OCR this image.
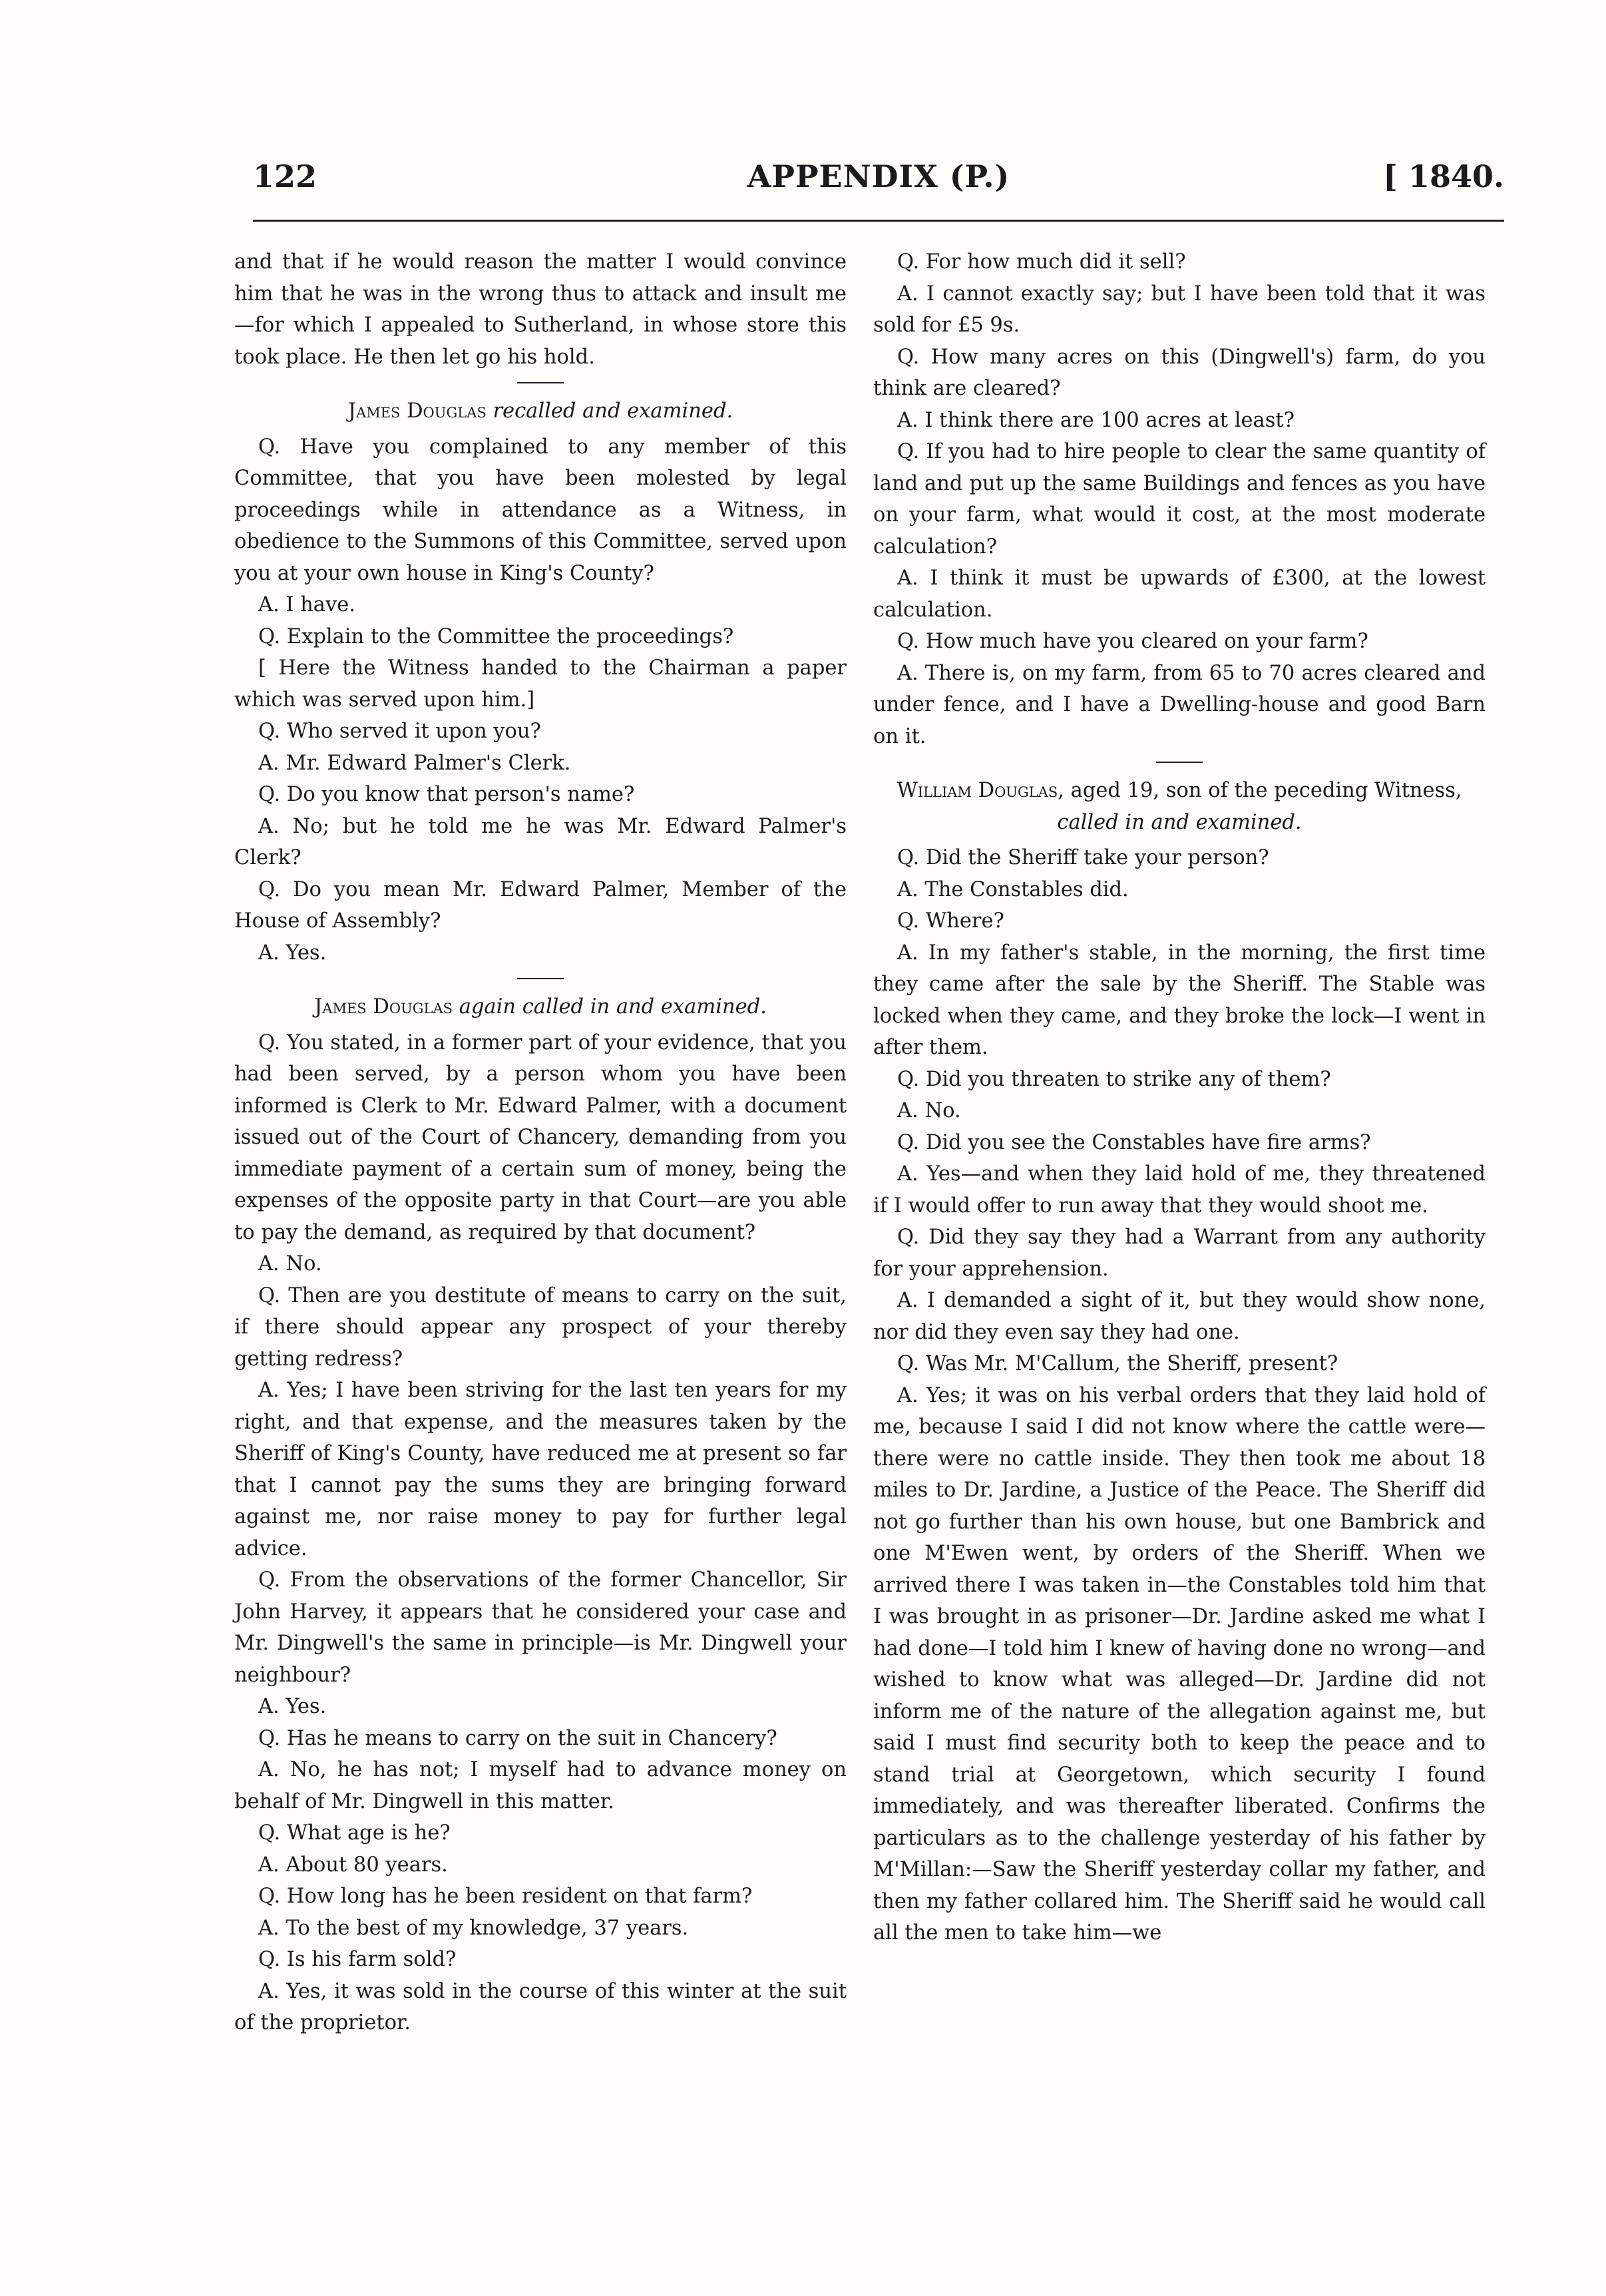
122	APPENDIX (P.)	[ 1840.

and that if he would reason the matter I would convince him that he was in the wrong thus to attack and insult me—for which I appealed to Sutherland, in whose store this took place. He then let go his hold.

James Douglas recalled and examined.

Q. Have you complained to any member of this Committee, that you have been molested by legal proceedings while in attendance as a Witness, in obedience to the Summons of this Committee, served upon you at your own house in King's County?

A. I have.

Q. Explain to the Committee the proceedings?

[ Here the Witness handed to the Chairman a paper which was served upon him.]

Q. Who served it upon you?

A. Mr. Edward Palmer's Clerk.

Q. Do you know that person's name?

A. No; but he told me he was Mr. Edward Palmer's Clerk?

Q. Do you mean Mr. Edward Palmer, Member of the House of Assembly?

A. Yes.

James Douglas again called in and examined.

Q. You stated, in a former part of your evidence, that you had been served, by a person whom you have been informed is Clerk to Mr. Edward Palmer, with a document issued out of the Court of Chancery, demanding from you immediate payment of a certain sum of money, being the expenses of the opposite party in that Court—are you able to pay the demand, as required by that document?

A. No.

Q. Then are you destitute of means to carry on the suit, if there should appear any prospect of your thereby getting redress?

A. Yes; I have been striving for the last ten years for my right, and that expense, and the measures taken by the Sheriff of King's County, have reduced me at present so far that I cannot pay the sums they are bringing forward against me, nor raise money to pay for further legal advice.

Q. From the observations of the former Chancellor, Sir John Harvey, it appears that he considered your case and Mr. Dingwell's the same in principle—is Mr. Dingwell your neighbour?

A. Yes.

Q. Has he means to carry on the suit in Chancery?

A. No, he has not; I myself had to advance money on behalf of Mr. Dingwell in this matter.

Q. What age is he?

A. About 80 years.

Q. How long has he been resident on that farm?

A. To the best of my knowledge, 37 years.

Q. Is his farm sold?

A. Yes, it was sold in the course of this winter at the suit of the proprietor.

Q. For how much did it sell?

A. I cannot exactly say; but I have been told that it was sold for £5 9s.

Q. How many acres on this (Dingwell's) farm, do you think are cleared?

A. I think there are 100 acres at least?

Q. If you had to hire people to clear the same quantity of land and put up the same Buildings and fences as you have on your farm, what would it cost, at the most moderate calculation?

A. I think it must be upwards of £300, at the lowest calculation.

Q. How much have you cleared on your farm?

A. There is, on my farm, from 65 to 70 acres cleared and under fence, and I have a Dwelling-house and good Barn on it.

William Douglas, aged 19, son of the peceding Witness,
called in and examined.

Q. Did the Sheriff take your person?

A. The Constables did.

Q. Where?

A. In my father's stable, in the morning, the first time they came after the sale by the Sheriff. The Stable was locked when they came, and they broke the lock—I went in after them.

Q. Did you threaten to strike any of them?

A. No.

Q. Did you see the Constables have fire arms?

A. Yes—and when they laid hold of me, they threatened if I would offer to run away that they would shoot me.

Q. Did they say they had a Warrant from any authority for your apprehension.

A. I demanded a sight of it, but they would show none, nor did they even say they had one.

Q. Was Mr. M'Callum, the Sheriff, present?

A. Yes; it was on his verbal orders that they laid hold of me, because I said I did not know where the cattle were—there were no cattle inside. They then took me about 18 miles to Dr. Jardine, a Justice of the Peace. The Sheriff did not go further than his own house, but one Bambrick and one M'Ewen went, by orders of the Sheriff. When we arrived there I was taken in—the Constables told him that I was brought in as prisoner—Dr. Jardine asked me what I had done—I told him I knew of having done no wrong—and wished to know what was alleged—Dr. Jardine did not inform me of the nature of the allegation against me, but said I must find security both to keep the peace and to stand trial at Georgetown, which security I found immediately, and was thereafter liberated. Confirms the particulars as to the challenge yesterday of his father by M'Millan:—Saw the Sheriff yesterday collar my father, and then my father collared him. The Sheriff said he would call all the men to take him—we
